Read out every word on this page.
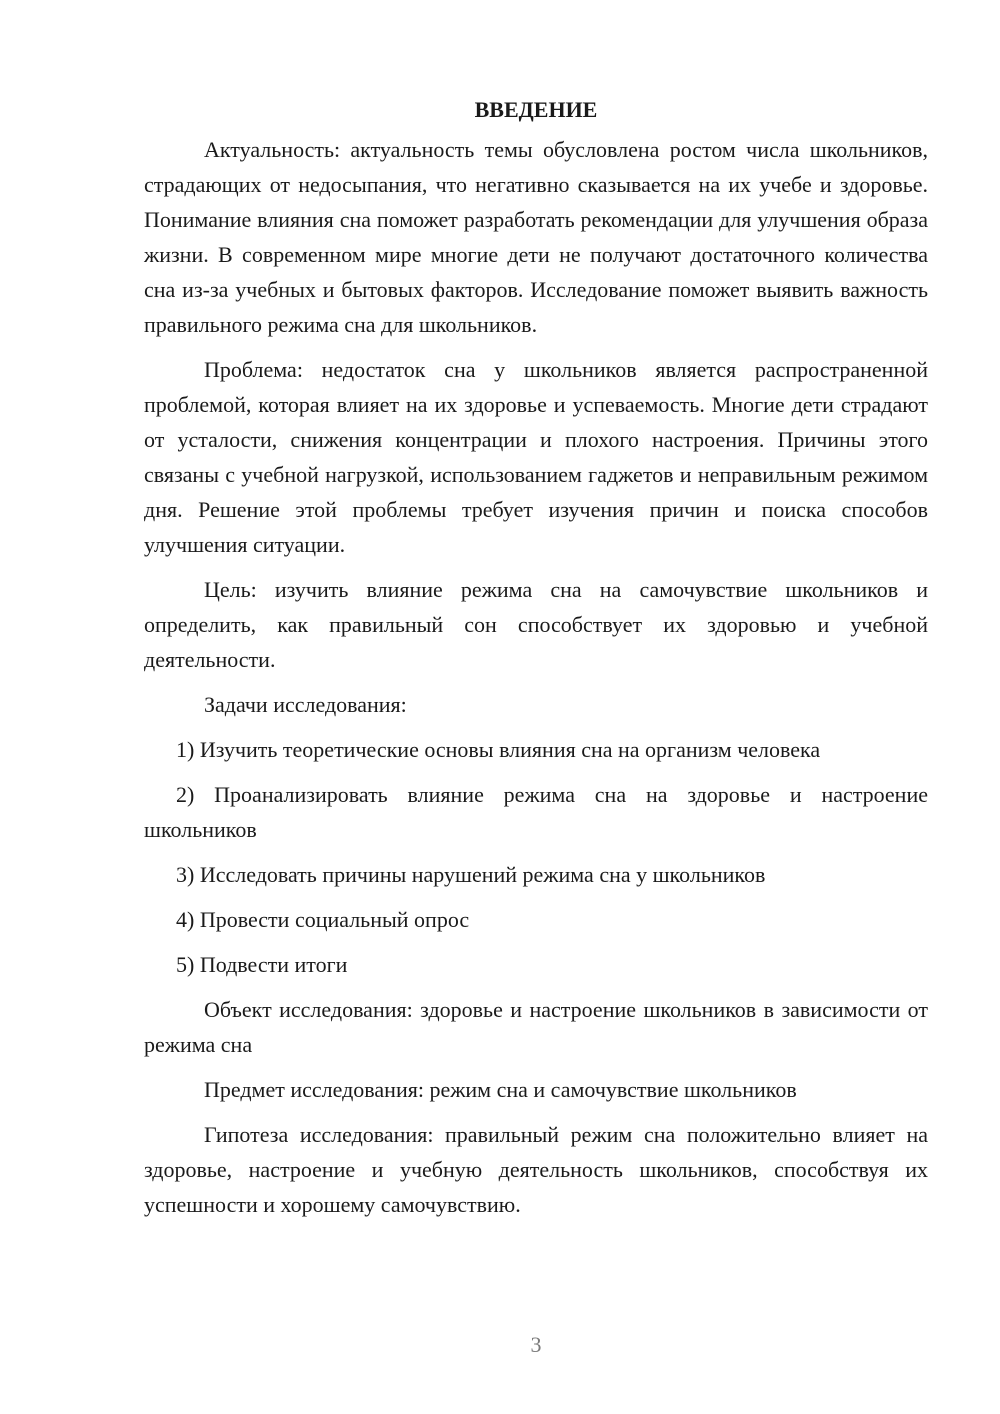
ВВЕДЕНИЕ

Актуальность: актуальность темы обусловлена ростом числа школьников, страдающих от недосыпания, что негативно сказывается на их учебе и здоровье. Понимание влияния сна поможет разработать рекомендации для улучшения образа жизни. В современном мире многие дети не получают достаточного количества сна из-за учебных и бытовых факторов. Исследование поможет выявить важность правильного режима сна для школьников.

Проблема: недостаток сна у школьников является распространенной проблемой, которая влияет на их здоровье и успеваемость. Многие дети страдают от усталости, снижения концентрации и плохого настроения. Причины этого связаны с учебной нагрузкой, использованием гаджетов и неправильным режимом дня. Решение этой проблемы требует изучения причин и поиска способов улучшения ситуации.

Цель: изучить влияние режима сна на самочувствие школьников и определить, как правильный сон способствует их здоровью и учебной деятельности.

Задачи исследования:

1) Изучить теоретические основы влияния сна на организм человека

2) Проанализировать влияние режима сна на здоровье и настроение школьников

3) Исследовать причины нарушений режима сна у школьников

4) Провести социальный опрос

5) Подвести итоги

Объект исследования: здоровье и настроение школьников в зависимости от режима сна

Предмет исследования: режим сна и самочувствие школьников

Гипотеза исследования: правильный режим сна положительно влияет на здоровье, настроение и учебную деятельность школьников, способствуя их успешности и хорошему самочувствию.

3
